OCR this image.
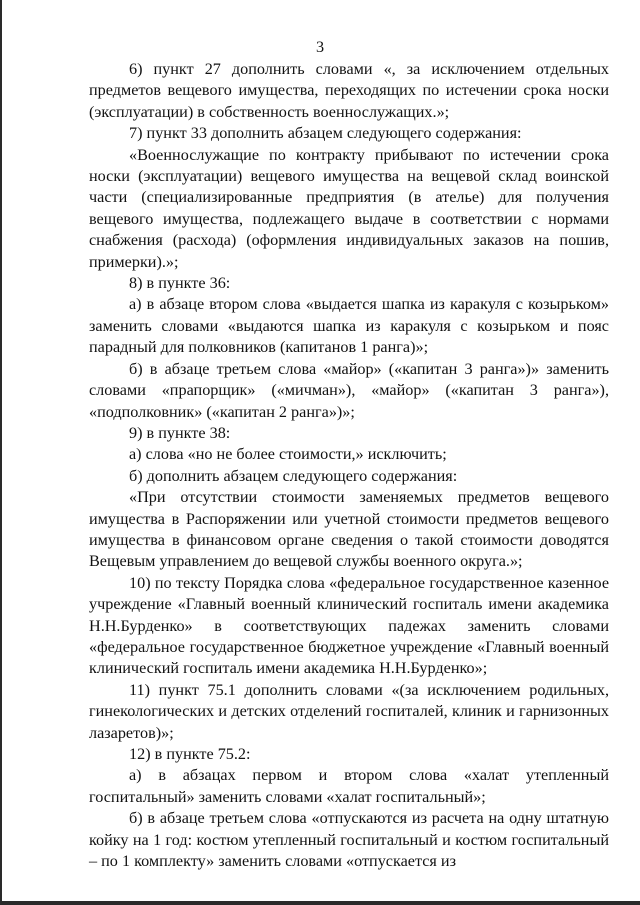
3

6) пункт 27 дополнить словами «, за исключением отдельных предметов вещевого имущества, переходящих по истечении срока носки (эксплуатации) в собственность военнослужащих.»;

7) пункт 33 дополнить абзацем следующего содержания:

«Военнослужащие по контракту прибывают по истечении срока носки (эксплуатации) вещевого имущества на вещевой склад воинской части (специализированные предприятия (в ателье) для получения вещевого имущества, подлежащего выдаче в соответствии с нормами снабжения (расхода) (оформления индивидуальных заказов на пошив, примерки).»;

8) в пункте 36:

а) в абзаце втором слова «выдается шапка из каракуля с козырьком» заменить словами «выдаются шапка из каракуля с козырьком и пояс парадный для полковников (капитанов 1 ранга)»;

б) в абзаце третьем слова «майор» («капитан 3 ранга»)» заменить словами «прапорщик» («мичман»), «майор» («капитан 3 ранга»), «подполковник» («капитан 2 ранга»)»;

9) в пункте 38:

а) слова «но не более стоимости,» исключить;

б) дополнить абзацем следующего содержания:

«При отсутствии стоимости заменяемых предметов вещевого имущества в Распоряжении или учетной стоимости предметов вещевого имущества в финансовом органе сведения о такой стоимости доводятся Вещевым управлением до вещевой службы военного округа.»;

10) по тексту Порядка слова «федеральное государственное казенное учреждение «Главный военный клинический госпиталь имени академика Н.Н.Бурденко» в соответствующих падежах заменить словами «федеральное государственное бюджетное учреждение «Главный военный клинический госпиталь имени академика Н.Н.Бурденко»;

11) пункт 75.1 дополнить словами «(за исключением родильных, гинекологических и детских отделений госпиталей, клиник и гарнизонных лазаретов)»;

12) в пункте 75.2:

а) в абзацах первом и втором слова «халат утепленный госпитальный» заменить словами «халат госпитальный»;

б) в абзаце третьем слова «отпускаются из расчета на одну штатную койку на 1 год: костюм утепленный госпитальный и костюм госпитальный – по 1 комплекту» заменить словами «отпускается из
